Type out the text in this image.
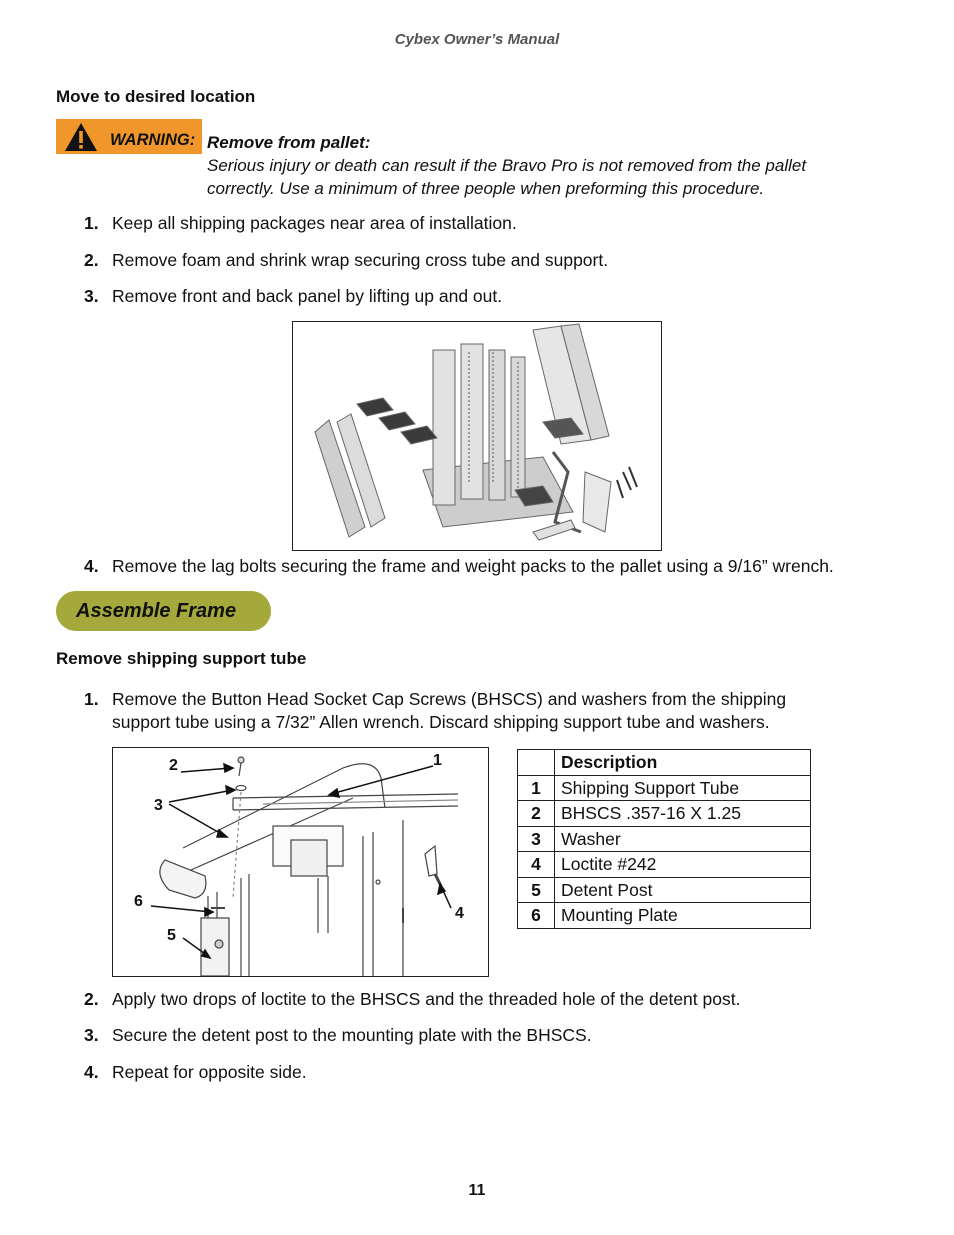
Cybex Owner’s Manual
Move to desired location
WARNING: Remove from pallet:
Serious injury or death can result if the Bravo Pro is not removed from the pallet
correctly. Use a minimum of three people when preforming this procedure.
1. Keep all shipping packages near area of installation.
2. Remove foam and shrink wrap securing cross tube and support.
3. Remove front and back panel by lifting up and out.
4. Remove the lag bolts securing the frame and weight packs to the pallet using a 9/16” wrench.
Assemble Frame
Remove shipping support tube
1. Remove the Button Head Socket Cap Screws (BHSCS) and washers from the shipping
support tube using a 7/32” Allen wrench. Discard shipping support tube and washers.
1
2
3
4
5
6
	Description
1	Shipping Support Tube
2	BHSCS .357-16 X 1.25
3	Washer
4	Loctite #242
5	Detent Post
6	Mounting Plate
2. Apply two drops of loctite to the BHSCS and the threaded hole of the detent post.
3. Secure the detent post to the mounting plate with the BHSCS.
4. Repeat for opposite side.
11
